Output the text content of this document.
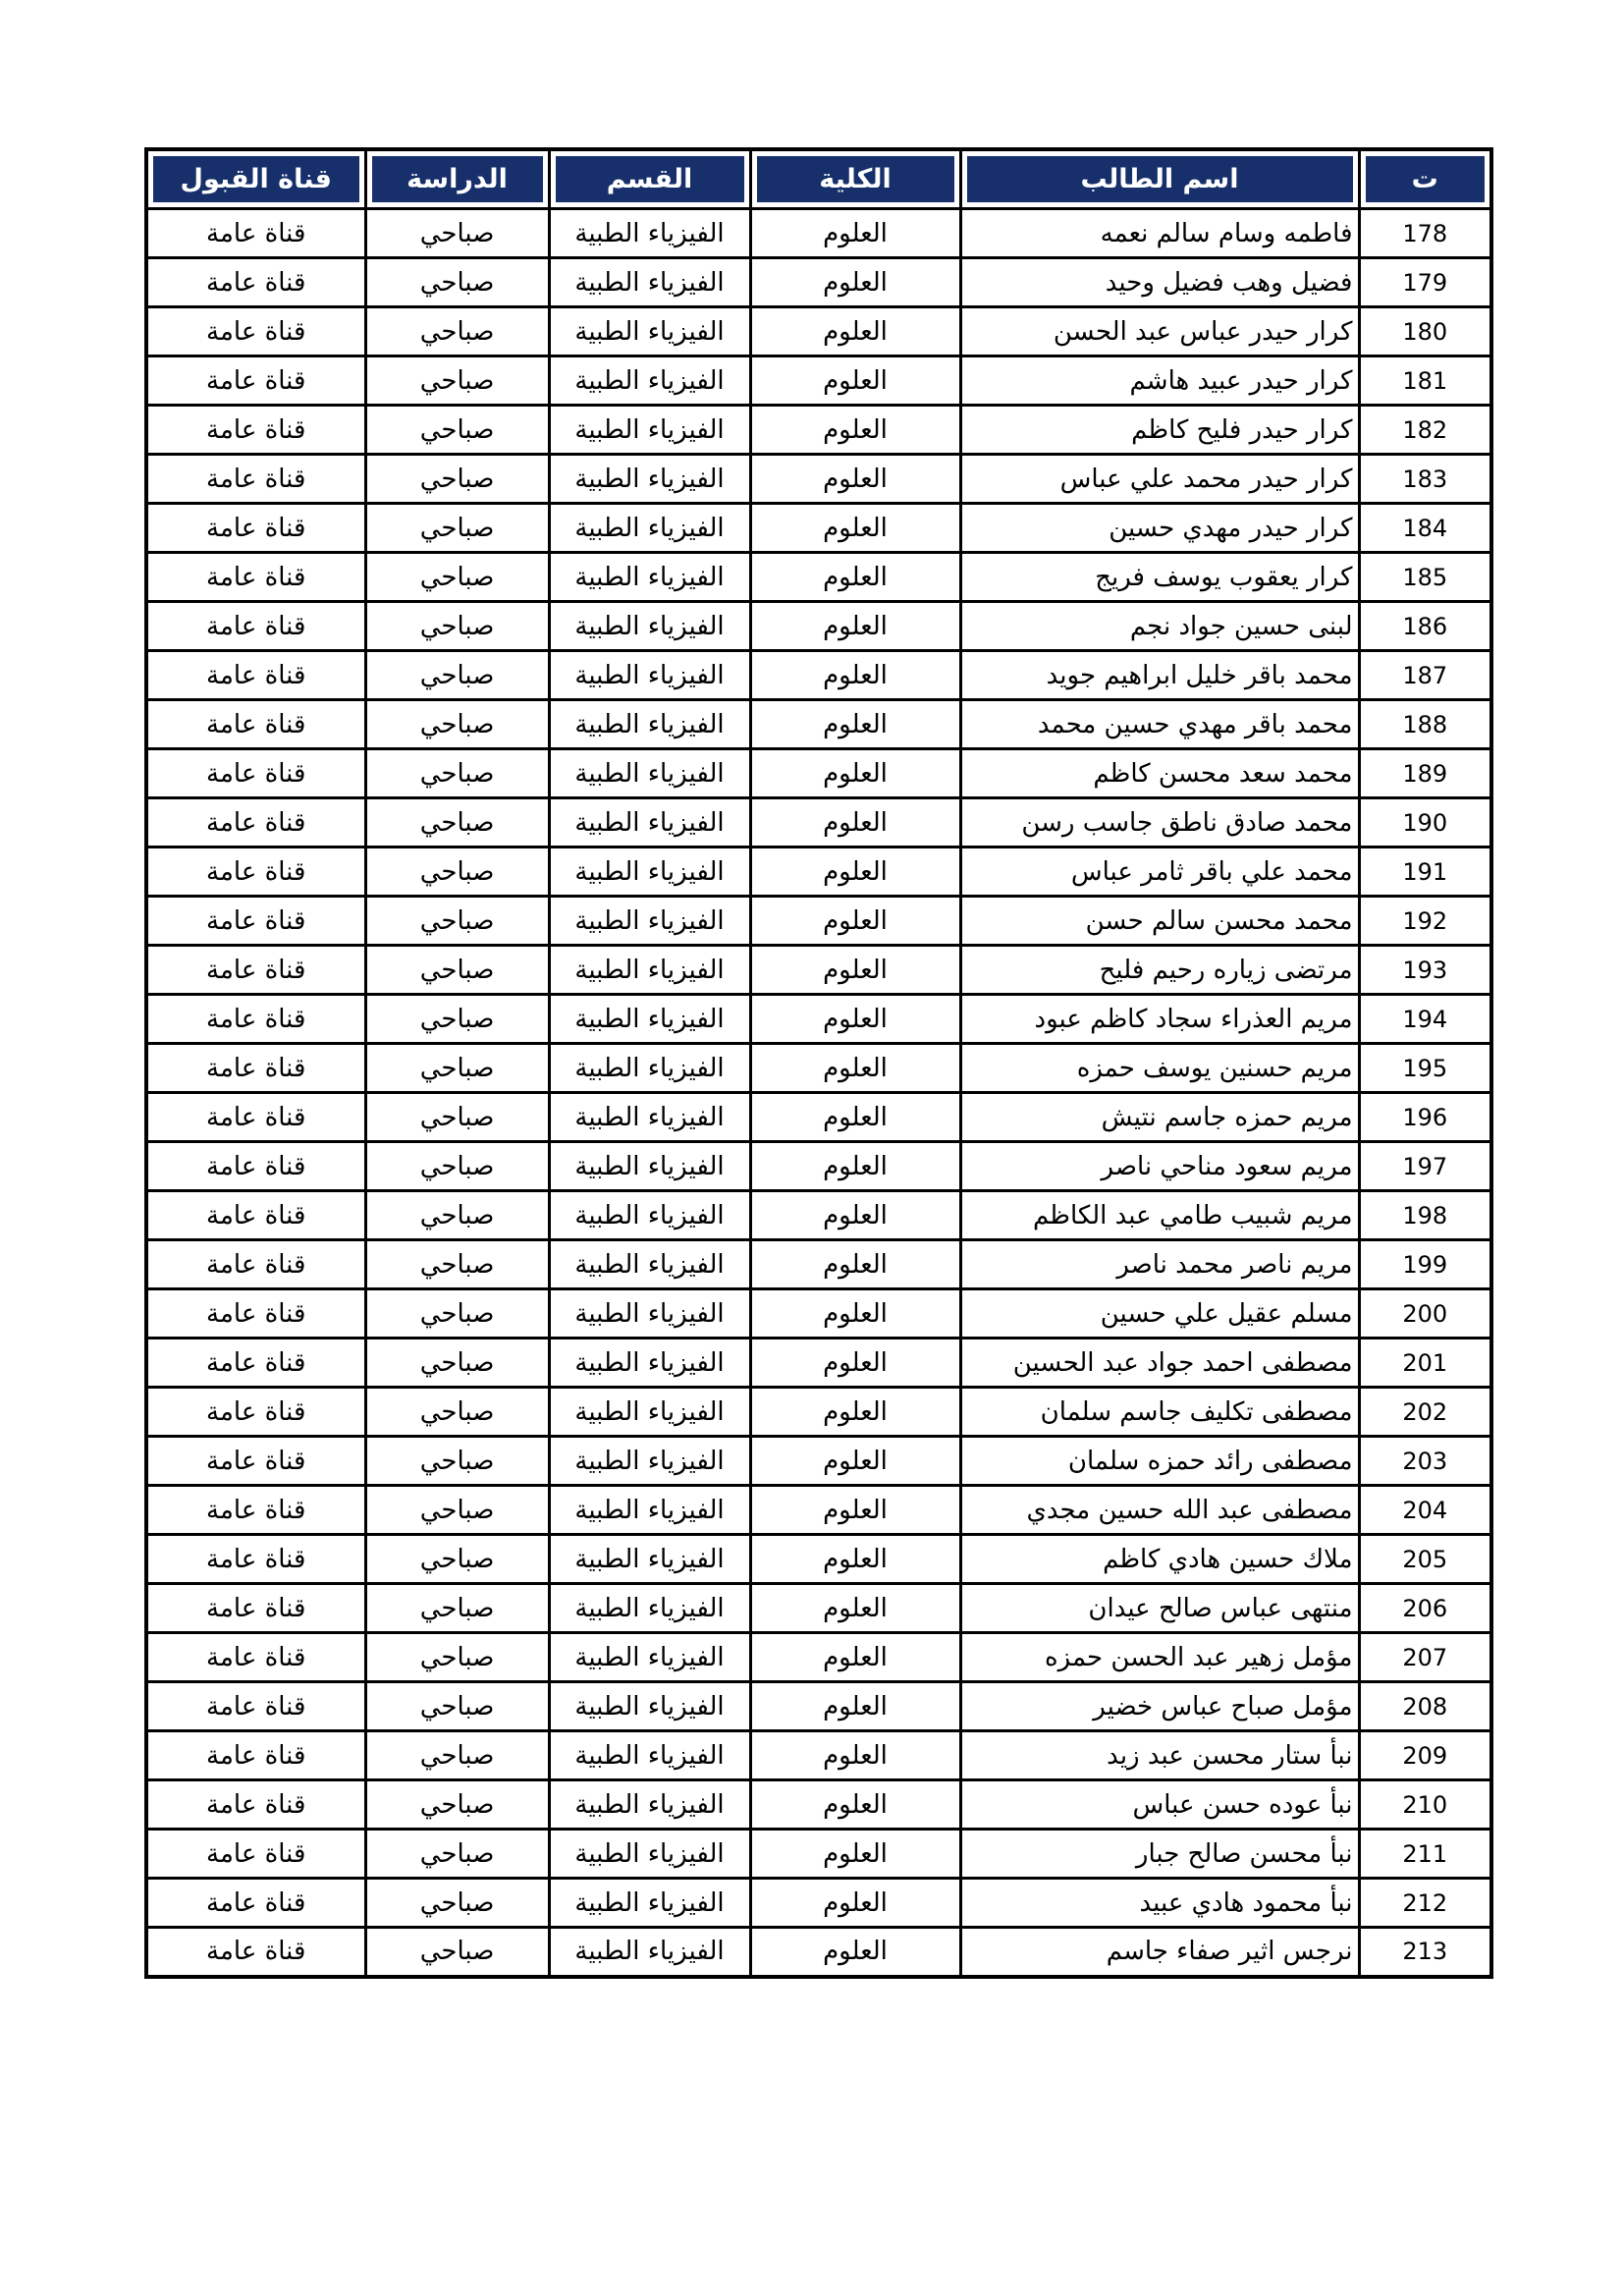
ت	اسم الطالب	الكلية	القسم	الدراسة	قناة القبول

178	فاطمه وسام سالم نعمه	العلوم	الفيزياء الطبية	صباحي	قناة عامة
179	فضيل وهب فضيل وحيد	العلوم	الفيزياء الطبية	صباحي	قناة عامة
180	كرار حيدر عباس عبد الحسن	العلوم	الفيزياء الطبية	صباحي	قناة عامة
181	كرار حيدر عبيد هاشم	العلوم	الفيزياء الطبية	صباحي	قناة عامة
182	كرار حيدر فليح كاظم	العلوم	الفيزياء الطبية	صباحي	قناة عامة
183	كرار حيدر محمد علي عباس	العلوم	الفيزياء الطبية	صباحي	قناة عامة
184	كرار حيدر مهدي حسين	العلوم	الفيزياء الطبية	صباحي	قناة عامة
185	كرار يعقوب يوسف فريج	العلوم	الفيزياء الطبية	صباحي	قناة عامة
186	لبنى حسين جواد نجم	العلوم	الفيزياء الطبية	صباحي	قناة عامة
187	محمد باقر خليل ابراهيم جويد	العلوم	الفيزياء الطبية	صباحي	قناة عامة
188	محمد باقر مهدي حسين محمد	العلوم	الفيزياء الطبية	صباحي	قناة عامة
189	محمد سعد محسن كاظم	العلوم	الفيزياء الطبية	صباحي	قناة عامة
190	محمد صادق ناطق جاسب رسن	العلوم	الفيزياء الطبية	صباحي	قناة عامة
191	محمد علي باقر ثامر عباس	العلوم	الفيزياء الطبية	صباحي	قناة عامة
192	محمد محسن سالم حسن	العلوم	الفيزياء الطبية	صباحي	قناة عامة
193	مرتضى زياره رحيم فليح	العلوم	الفيزياء الطبية	صباحي	قناة عامة
194	مريم العذراء سجاد كاظم عبود	العلوم	الفيزياء الطبية	صباحي	قناة عامة
195	مريم حسنين يوسف حمزه	العلوم	الفيزياء الطبية	صباحي	قناة عامة
196	مريم حمزه جاسم نتيش	العلوم	الفيزياء الطبية	صباحي	قناة عامة
197	مريم سعود مناحي ناصر	العلوم	الفيزياء الطبية	صباحي	قناة عامة
198	مريم شبيب طامي عبد الكاظم	العلوم	الفيزياء الطبية	صباحي	قناة عامة
199	مريم ناصر محمد ناصر	العلوم	الفيزياء الطبية	صباحي	قناة عامة
200	مسلم عقيل علي حسين	العلوم	الفيزياء الطبية	صباحي	قناة عامة
201	مصطفى احمد جواد عبد الحسين	العلوم	الفيزياء الطبية	صباحي	قناة عامة
202	مصطفى تكليف جاسم سلمان	العلوم	الفيزياء الطبية	صباحي	قناة عامة
203	مصطفى رائد حمزه سلمان	العلوم	الفيزياء الطبية	صباحي	قناة عامة
204	مصطفى عبد الله حسين مجدي	العلوم	الفيزياء الطبية	صباحي	قناة عامة
205	ملاك حسين هادي كاظم	العلوم	الفيزياء الطبية	صباحي	قناة عامة
206	منتهى عباس صالح عيدان	العلوم	الفيزياء الطبية	صباحي	قناة عامة
207	مؤمل زهير عبد الحسن حمزه	العلوم	الفيزياء الطبية	صباحي	قناة عامة
208	مؤمل صباح عباس خضير	العلوم	الفيزياء الطبية	صباحي	قناة عامة
209	نبأ ستار محسن عبد زيد	العلوم	الفيزياء الطبية	صباحي	قناة عامة
210	نبأ عوده حسن عباس	العلوم	الفيزياء الطبية	صباحي	قناة عامة
211	نبأ محسن صالح جبار	العلوم	الفيزياء الطبية	صباحي	قناة عامة
212	نبأ محمود هادي عبيد	العلوم	الفيزياء الطبية	صباحي	قناة عامة
213	نرجس اثير صفاء جاسم	العلوم	الفيزياء الطبية	صباحي	قناة عامة
